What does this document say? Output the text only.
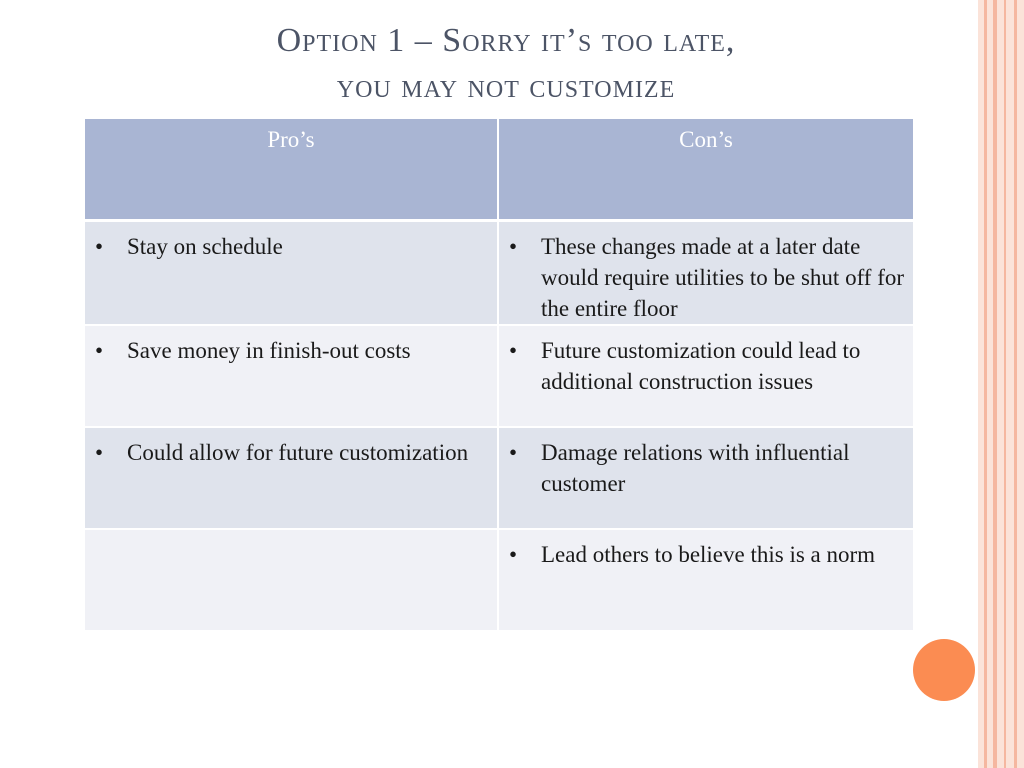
Option 1 – Sorry it’s too late,
you may not customize
Pro’s	Con’s

• Stay on schedule	• These changes made at a later date would require utilities to be shut off for the entire floor

• Save money in finish-out costs	• Future customization could lead to additional construction issues

• Could allow for future customization	• Damage relations with influential customer

	• Lead others to believe this is a norm
